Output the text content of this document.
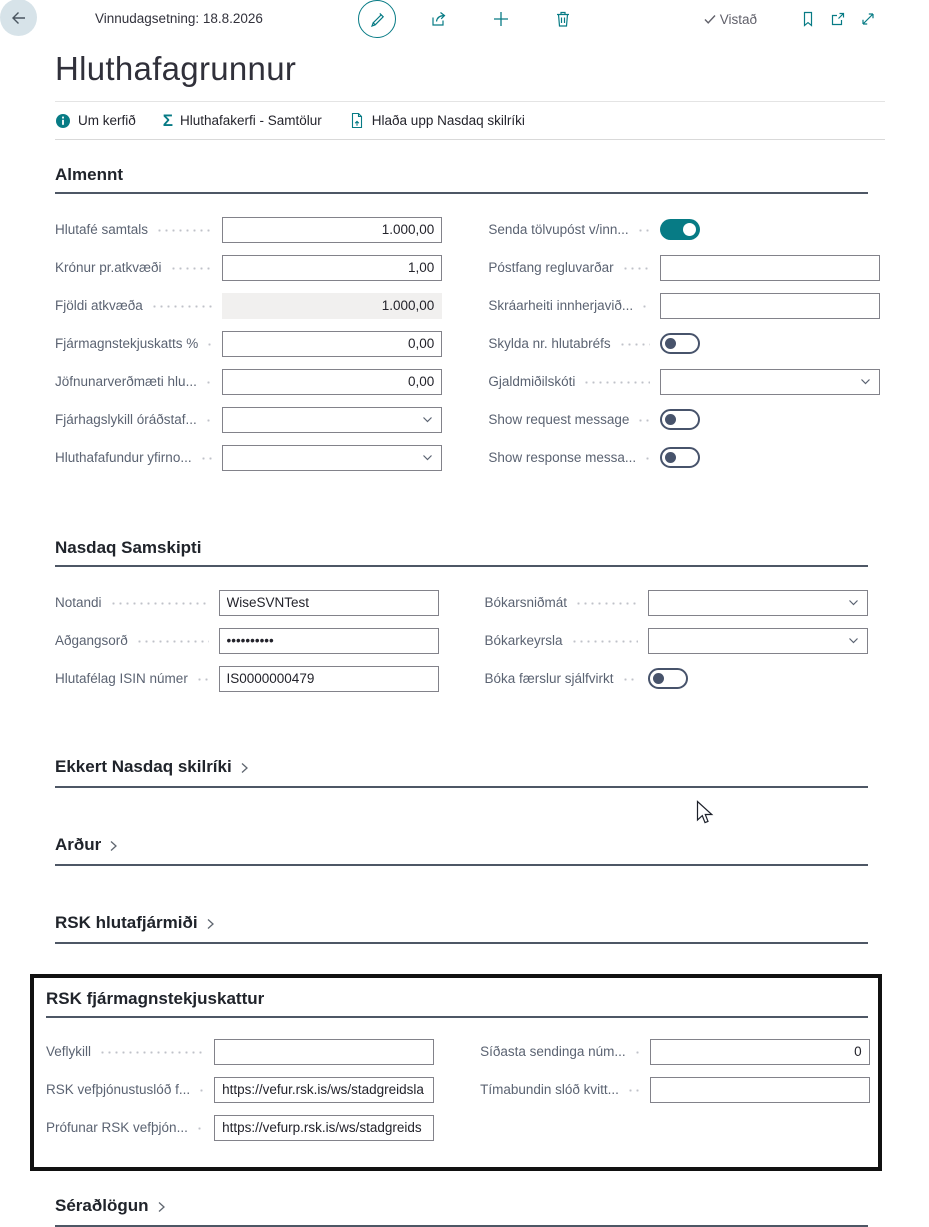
Vinnudagsetning: 18.8.2026	Vistað
Hluthafagrunnur
Um kerfið Σ Hluthafakerfi - Samtölur	Hlaða upp Nasdaq skilríki
Almennt
Hlutafé samtals	1.000,00
Krónur pr.atkvæði	1,00
Fjöldi atkvæða	1.000,00
Fjármagnstekjuskatts %	0,00
Jöfnunarverðmæti hlu...	0,00
Fjárhagslykill óráðstaf...
Hluthafafundur yfirno...
Senda tölvupóst v/inn...
Póstfang regluvarðar
Skráarheiti innherjavið...
Skylda nr. hlutabréfs
Gjaldmiðilskóti
Show request message
Show response messa...
Nasdaq Samskipti
Notandi	WiseSVNTest
Aðgangsorð	••••••••••
Hlutafélag ISIN númer	IS0000000479
Bókarsniðmát
Bókarkeyrsla
Bóka færslur sjálfvirkt
Ekkert Nasdaq skilríki
Arður
RSK hlutafjármiði
RSK fjármagnstekjuskattur
Veflykill
RSK vefþjónustuslóð f... https://vefur.rsk.is/ws/stadgreidsla
Prófunar RSK vefþjón...	https://vefurp.rsk.is/ws/stadgreids
Síðasta sendinga núm...	0
Tímabundin slóð kvitt...
Séraðlögun
